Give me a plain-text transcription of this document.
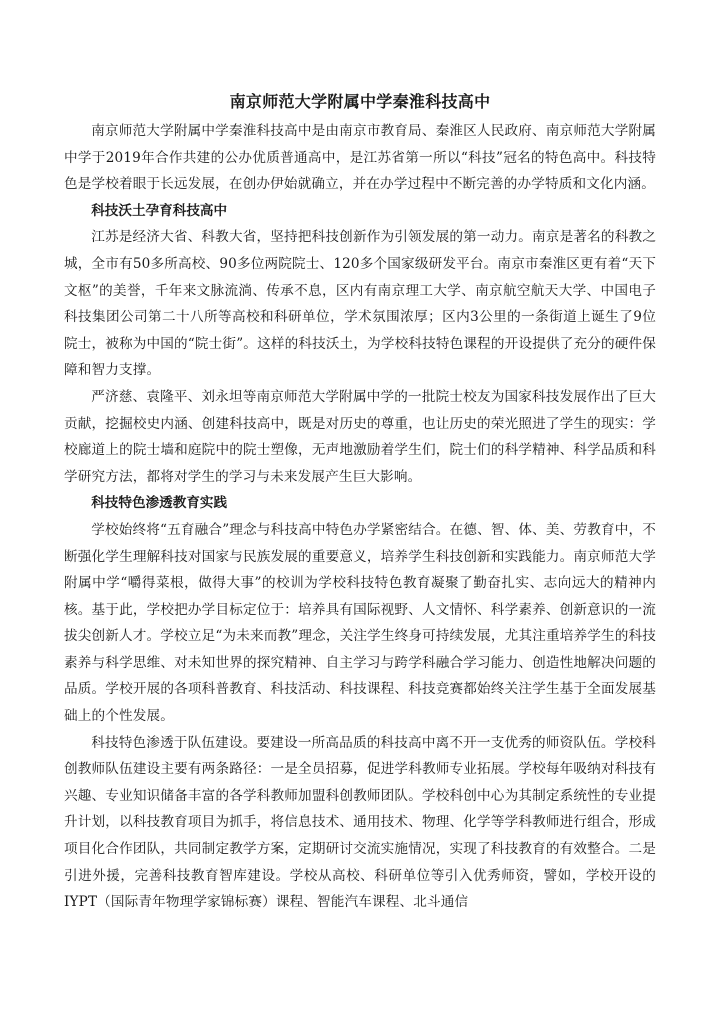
南京师范大学附属中学秦淮科技高中

南京师范大学附属中学秦淮科技高中是由南京市教育局、秦淮区人民政府、南京师范大学附属中学于2019年合作共建的公办优质普通高中，是江苏省第一所以“科技”冠名的特色高中。科技特色是学校着眼于长远发展，在创办伊始就确立，并在办学过程中不断完善的办学特质和文化内涵。

科技沃土孕育科技高中

江苏是经济大省、科教大省，坚持把科技创新作为引领发展的第一动力。南京是著名的科教之城，全市有50多所高校、90多位两院院士、120多个国家级研发平台。南京市秦淮区更有着“天下文枢”的美誉，千年来文脉流淌、传承不息，区内有南京理工大学、南京航空航天大学、中国电子科技集团公司第二十八所等高校和科研单位，学术氛围浓厚；区内3公里的一条街道上诞生了9位院士，被称为中国的“院士街”。这样的科技沃土，为学校科技特色课程的开设提供了充分的硬件保障和智力支撑。

严济慈、袁隆平、刘永坦等南京师范大学附属中学的一批院士校友为国家科技发展作出了巨大贡献，挖掘校史内涵、创建科技高中，既是对历史的尊重，也让历史的荣光照进了学生的现实：学校廊道上的院士墙和庭院中的院士塑像，无声地激励着学生们，院士们的科学精神、科学品质和科学研究方法，都将对学生的学习与未来发展产生巨大影响。

科技特色渗透教育实践

学校始终将“五育融合”理念与科技高中特色办学紧密结合。在德、智、体、美、劳教育中，不断强化学生理解科技对国家与民族发展的重要意义，培养学生科技创新和实践能力。南京师范大学附属中学“嚼得菜根，做得大事”的校训为学校科技特色教育凝聚了勤奋扎实、志向远大的精神内核。基于此，学校把办学目标定位于：培养具有国际视野、人文情怀、科学素养、创新意识的一流拔尖创新人才。学校立足“为未来而教”理念，关注学生终身可持续发展，尤其注重培养学生的科技素养与科学思维、对未知世界的探究精神、自主学习与跨学科融合学习能力、创造性地解决问题的品质。学校开展的各项科普教育、科技活动、科技课程、科技竞赛都始终关注学生基于全面发展基础上的个性发展。

科技特色渗透于队伍建设。要建设一所高品质的科技高中离不开一支优秀的师资队伍。学校科创教师队伍建设主要有两条路径：一是全员招募，促进学科教师专业拓展。学校每年吸纳对科技有兴趣、专业知识储备丰富的各学科教师加盟科创教师团队。学校科创中心为其制定系统性的专业提升计划，以科技教育项目为抓手，将信息技术、通用技术、物理、化学等学科教师进行组合，形成项目化合作团队，共同制定教学方案，定期研讨交流实施情况，实现了科技教育的有效整合。二是引进外援，完善科技教育智库建设。学校从高校、科研单位等引入优秀师资，譬如，学校开设的IYPT（国际青年物理学家锦标赛）课程、智能汽车课程、北斗通信
